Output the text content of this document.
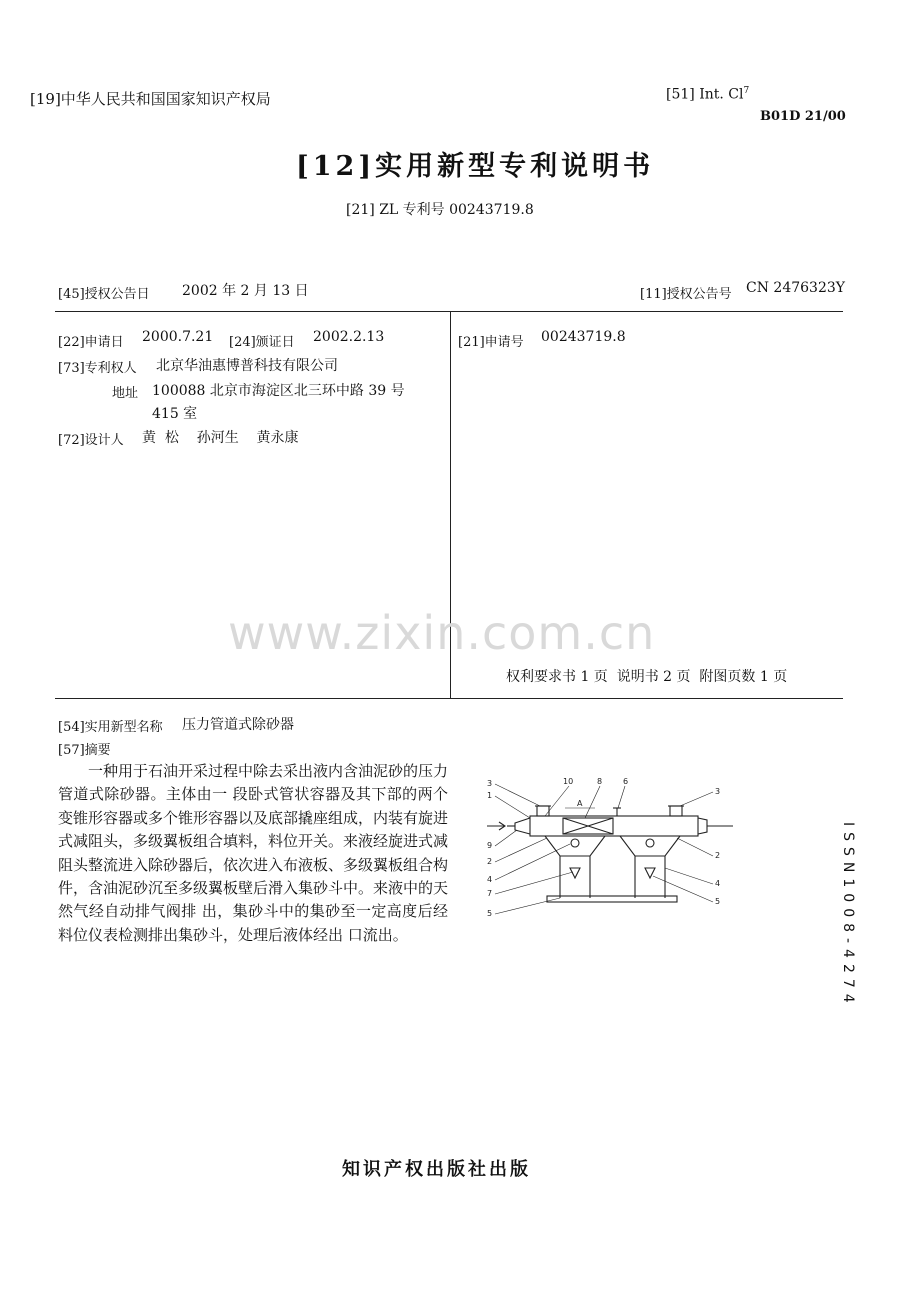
[19]中华人民共和国国家知识产权局	[51] Int. Cl$^7$
B01D 21/00
[12]实用新型专利说明书
[21] ZL 专利号 00243719.8
[45]授权公告日 2002 年 2 月 13 日	[11]授权公告号 CN 2476323Y
[22]申请日 2000.7.21 [24]颁证日 2002.2.13
[73]专利权人 北京华油惠博普科技有限公司
地址 100088 北京市海淀区北三环中路 39 号
415 室
[72]设计人 黄  松    孙河生    黄永康
[21]申请号 00243719.8
www.zixin.com.cn
权利要求书 1 页  说明书 2 页  附图页数 1 页
[54]实用新型名称 压力管道式除砂器
[57]摘要
一种用于石油开采过程中除去采出液内含油泥砂的压力管道式除砂器。主体由一 段卧式管状容器及其下部的两个变锥形容器或多个锥形容器以及底部撬座组成，内装有旋进式减阻头，多级翼板组合填料，料位开关。来液经旋进式减阻头整流进入除砂器后，依次进入布液板、多级翼板组合构 件，含油泥砂沉至多级翼板壁后滑入集砂斗中。来液中的天然气经自动排气阀排 出，集砂斗中的集砂至一定高度后经料位仪表检测排出集砂斗，处理后液体经出 口流出。
3
1
9
2
4
7
5
10	8	6
3
2
4
5
A
ISSN1008-4274
知识产权出版社出版
